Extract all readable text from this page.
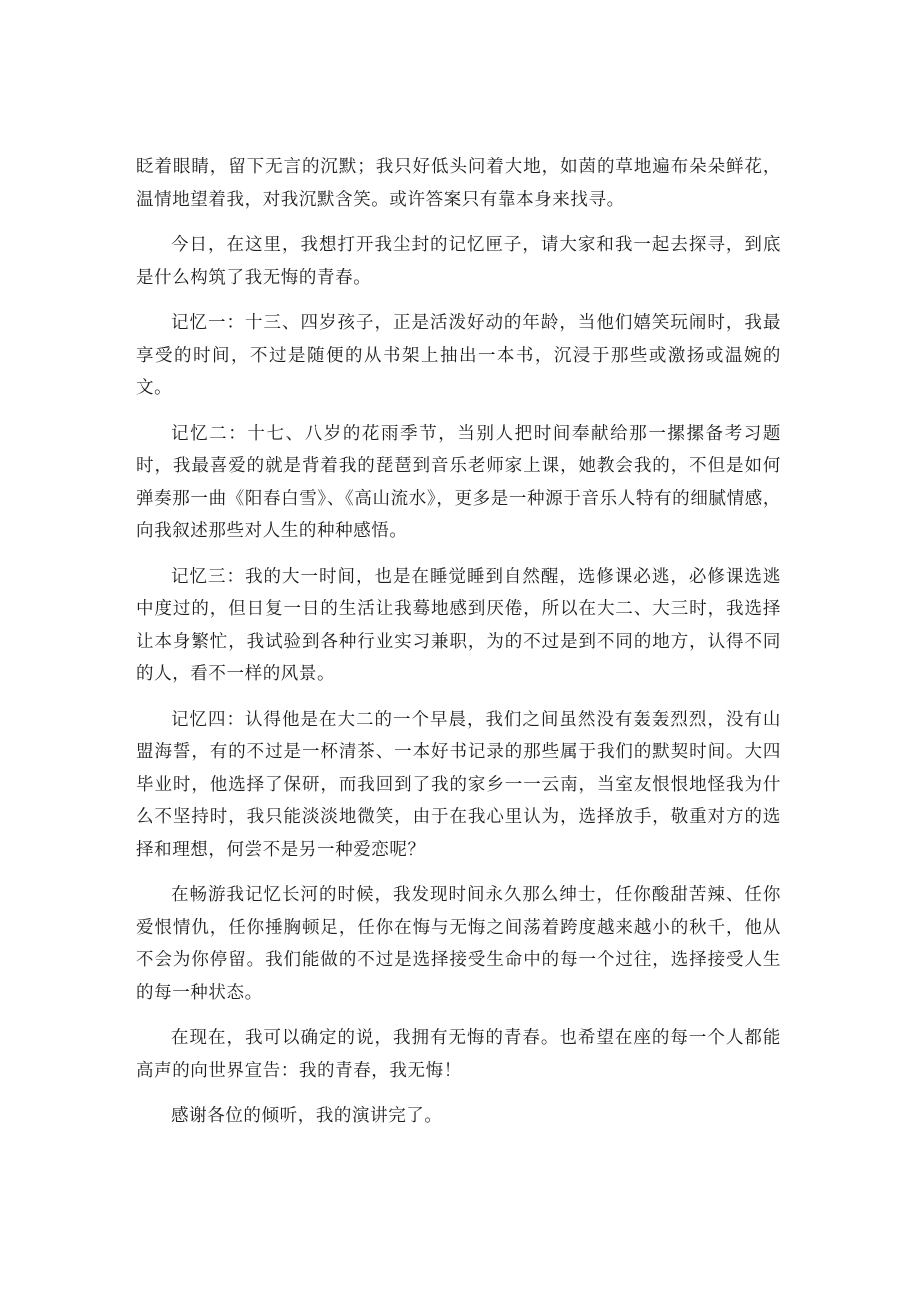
眨着眼睛，留下无言的沉默；我只好低头问着大地，如茵的草地遍布朵朵鲜花，温情地望着我，对我沉默含笑。或许答案只有靠本身来找寻。

今日，在这里，我想打开我尘封的记忆匣子，请大家和我一起去探寻，到底是什么构筑了我无悔的青春。

记忆一：十三、四岁孩子，正是活泼好动的年龄，当他们嬉笑玩闹时，我最享受的时间，不过是随便的从书架上抽出一本书，沉浸于那些或激扬或温婉的文。

记忆二：十七、八岁的花雨季节，当别人把时间奉献给那一摞摞备考习题时，我最喜爱的就是背着我的琵琶到音乐老师家上课，她教会我的，不但是如何弹奏那一曲《阳春白雪》、《高山流水》，更多是一种源于音乐人特有的细腻情感，向我叙述那些对人生的种种感悟。

记忆三：我的大一时间，也是在睡觉睡到自然醒，选修课必逃，必修课选逃中度过的，但日复一日的生活让我蓦地感到厌倦，所以在大二、大三时，我选择让本身繁忙，我试验到各种行业实习兼职，为的不过是到不同的地方，认得不同的人，看不一样的风景。

记忆四：认得他是在大二的一个早晨，我们之间虽然没有轰轰烈烈，没有山盟海誓，有的不过是一杯清茶、一本好书记录的那些属于我们的默契时间。大四毕业时，他选择了保研，而我回到了我的家乡一一云南，当室友恨恨地怪我为什么不坚持时，我只能淡淡地微笑，由于在我心里认为，选择放手，敬重对方的选择和理想，何尝不是另一种爱恋呢？

在畅游我记忆长河的时候，我发现时间永久那么绅士，任你酸甜苦辣、任你爱恨情仇，任你捶胸顿足，任你在悔与无悔之间荡着跨度越来越小的秋千，他从不会为你停留。我们能做的不过是选择接受生命中的每一个过往，选择接受人生的每一种状态。

在现在，我可以确定的说，我拥有无悔的青春。也希望在座的每一个人都能高声的向世界宣告：我的青春，我无悔！

感谢各位的倾听，我的演讲完了。
